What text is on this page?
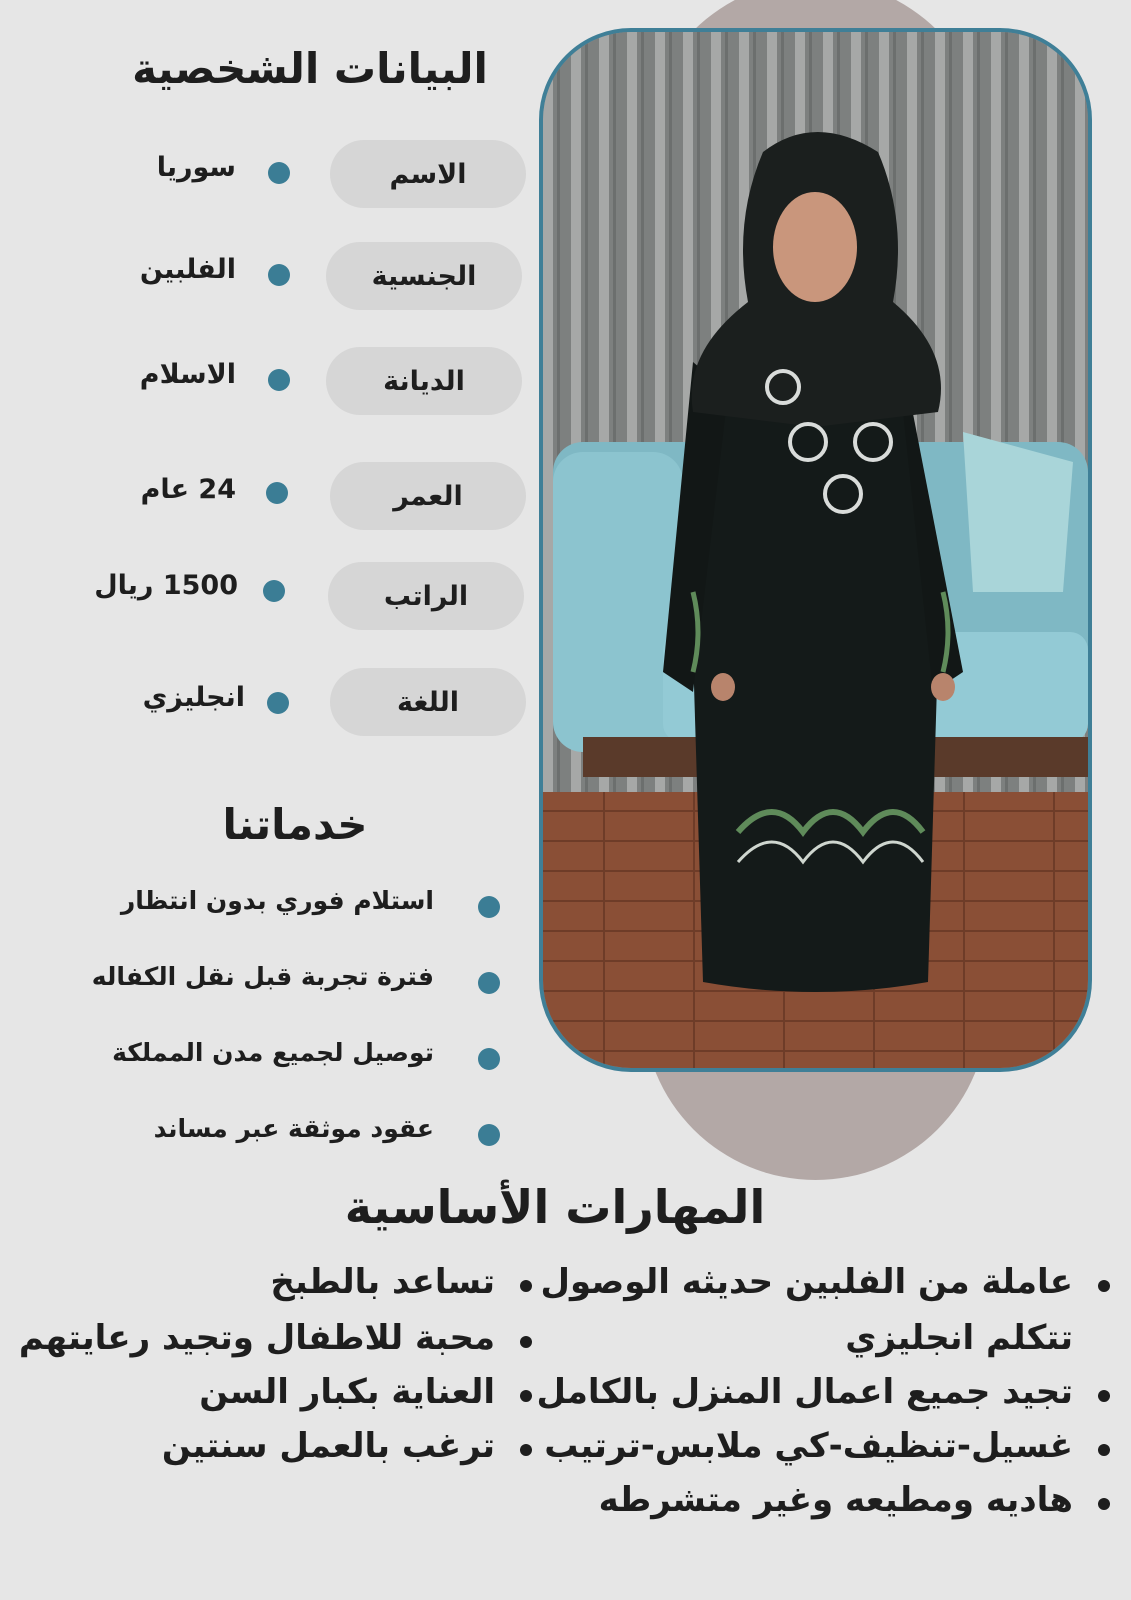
البيانات الشخصية
الاسم
سوريا
الجنسية
الفلبين
الديانة
الاسلام
العمر
24 عام
الراتب
1500 ريال
اللغة
انجليزي
خدماتنا
استلام فوري بدون انتظار
فترة تجربة قبل نقل الكفاله
توصيل لجميع مدن المملكة
عقود موثقة عبر مساند
المهارات الأساسية
عاملة من الفلبين حديثه الوصول
تتكلم انجليزي
تجيد جميع اعمال المنزل بالكامل
غسيل-تنظيف-كي ملابس-ترتيب
هاديه ومطيعه وغير متشرطه
تساعد بالطبخ
محبة للاطفال وتجيد رعايتهم
العناية بكبار السن
ترغب بالعمل سنتين
